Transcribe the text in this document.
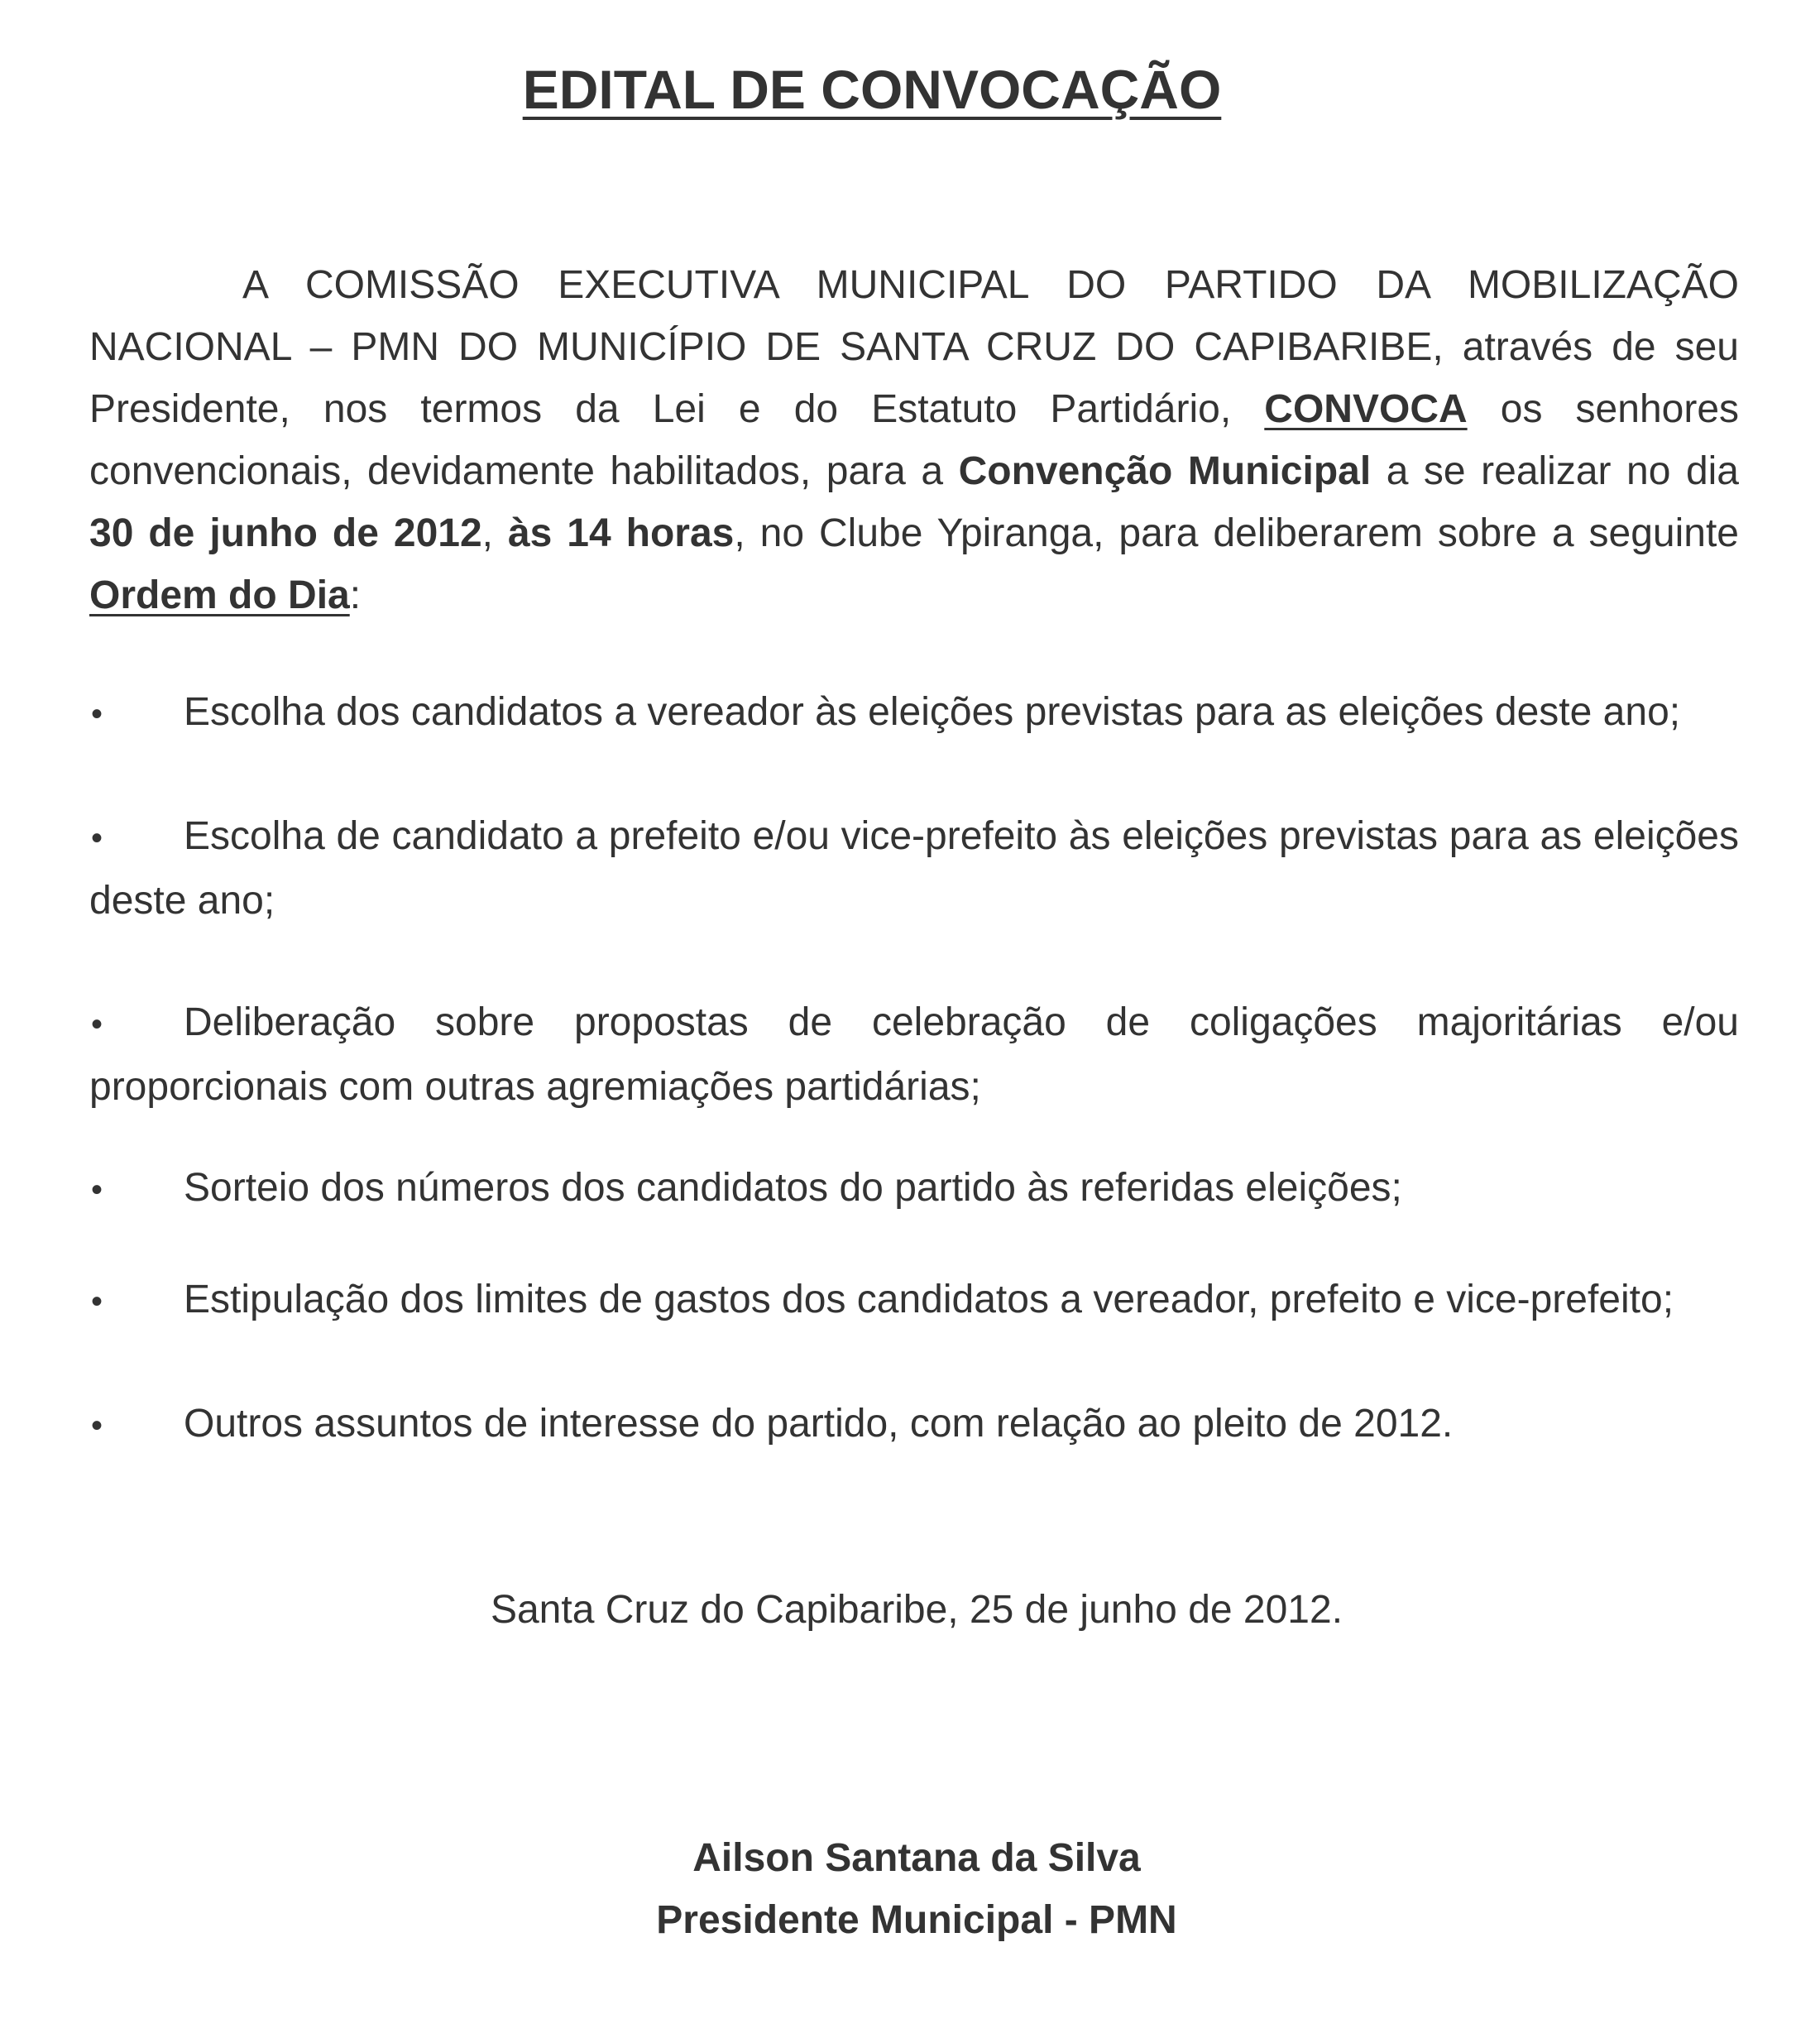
EDITAL DE CONVOCAÇÃO

A COMISSÃO EXECUTIVA MUNICIPAL DO PARTIDO DA MOBILIZAÇÃO NACIONAL – PMN DO MUNICÍPIO DE SANTA CRUZ DO CAPIBARIBE, através de seu Presidente, nos termos da Lei e do Estatuto Partidário, CONVOCA os senhores convencionais, devidamente habilitados, para a Convenção Municipal a se realizar no dia 30 de junho de 2012, às 14 horas, no Clube Ypiranga, para deliberarem sobre a seguinte Ordem do Dia:

• Escolha dos candidatos a vereador às eleições previstas para as eleições deste ano;

• Escolha de candidato a prefeito e/ou vice-prefeito às eleições previstas para as eleições deste ano;

• Deliberação sobre propostas de celebração de coligações majoritárias e/ou proporcionais com outras agremiações partidárias;

• Sorteio dos números dos candidatos do partido às referidas eleições;

• Estipulação dos limites de gastos dos candidatos a vereador, prefeito e vice-prefeito;

• Outros assuntos de interesse do partido, com relação ao pleito de 2012.

Santa Cruz do Capibaribe, 25 de junho de 2012.

Ailson Santana da Silva

Presidente Municipal - PMN
